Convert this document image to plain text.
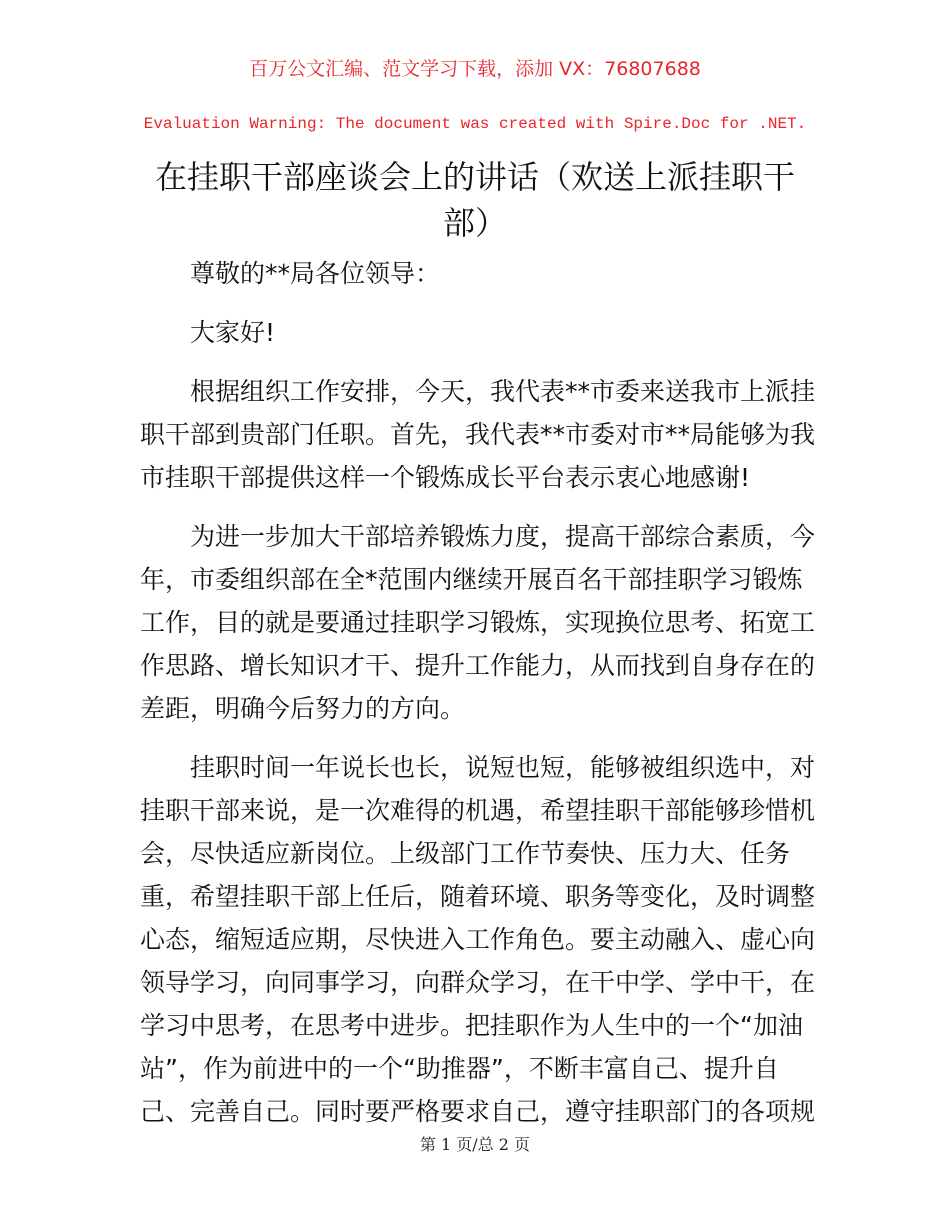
百万公文汇编、范文学习下载，添加 VX：76807688
Evaluation Warning: The document was created with Spire.Doc for .NET.
在挂职干部座谈会上的讲话（欢送上派挂职干
部）
尊敬的**局各位领导：
大家好!
根据组织工作安排，今天，我代表**市委来送我市上派挂
职干部到贵部门任职。首先，我代表**市委对市**局能够为我
市挂职干部提供这样一个锻炼成长平台表示衷心地感谢!
为进一步加大干部培养锻炼力度，提高干部综合素质，今
年，市委组织部在全*范围内继续开展百名干部挂职学习锻炼
工作，目的就是要通过挂职学习锻炼，实现换位思考、拓宽工
作思路、增长知识才干、提升工作能力，从而找到自身存在的
差距，明确今后努力的方向。
挂职时间一年说长也长，说短也短，能够被组织选中，对
挂职干部来说，是一次难得的机遇，希望挂职干部能够珍惜机
会，尽快适应新岗位。上级部门工作节奏快、压力大、任务
重，希望挂职干部上任后，随着环境、职务等变化，及时调整
心态，缩短适应期，尽快进入工作角色。要主动融入、虚心向
领导学习，向同事学习，向群众学习，在干中学、学中干，在
学习中思考，在思考中进步。把挂职作为人生中的一个“加油
站”，作为前进中的一个“助推器”，不断丰富自己、提升自
己、完善自己。同时要严格要求自己，遵守挂职部门的各项规
第 1 页/总 2 页
